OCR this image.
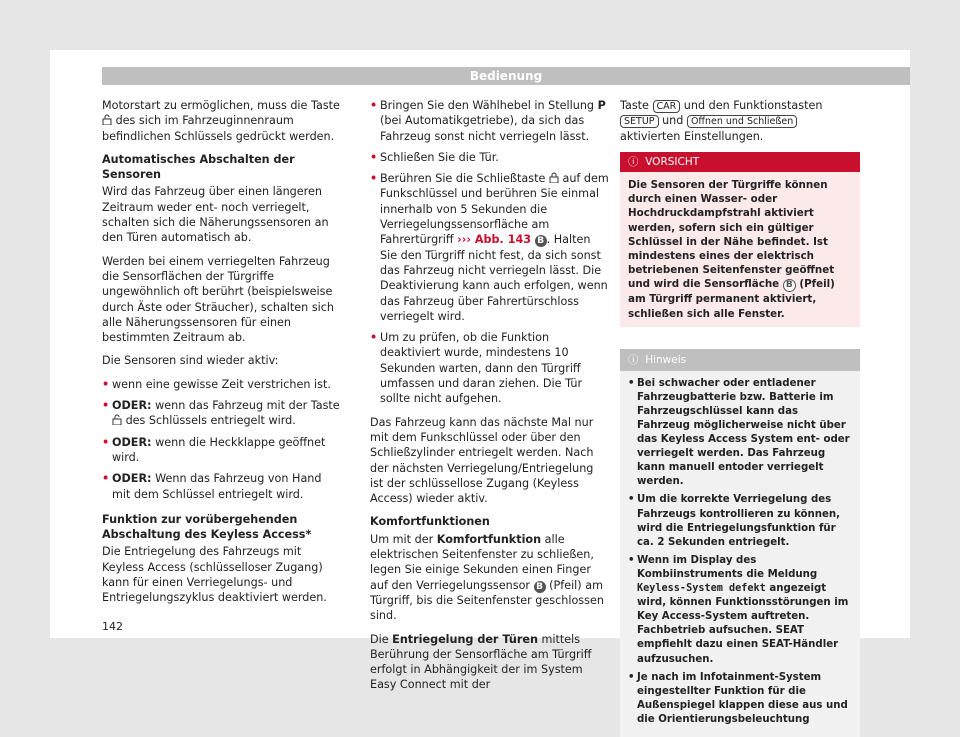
Bedienung

Motorstart zu ermöglichen, muss die Taste  des sich im Fahrzeuginnenraum befindlichen Schlüssels gedrückt werden.

Automatisches Abschalten der Sensoren

Wird das Fahrzeug über einen längeren Zeitraum weder ent- noch verriegelt, schalten sich die Näherungssensoren an den Türen automatisch ab.

Werden bei einem verriegelten Fahrzeug die Sensorflächen der Türgriffe ungewöhnlich oft berührt (beispielsweise durch Äste oder Sträucher), schalten sich alle Näherungssensoren für einen bestimmten Zeitraum ab.

Die Sensoren sind wieder aktiv:

• wenn eine gewisse Zeit verstrichen ist.
• ODER: wenn das Fahrzeug mit der Taste  des Schlüssels entriegelt wird.
• ODER: wenn die Heckklappe geöffnet wird.
• ODER: Wenn das Fahrzeug von Hand mit dem Schlüssel entriegelt wird.

Funktion zur vorübergehenden Abschaltung des Keyless Access*

Die Entriegelung des Fahrzeugs mit Keyless Access (schlüsselloser Zugang) kann für einen Verriegelungs- und Entriegelungszyklus deaktiviert werden.

• Bringen Sie den Wählhebel in Stellung P (bei Automatikgetriebe), da sich das Fahrzeug sonst nicht verriegeln lässt.
• Schließen Sie die Tür.
• Berühren Sie die Schließtaste auf dem Funkschlüssel und berühren Sie einmal innerhalb von 5 Sekunden die Verriegelungssensorfläche am Fahrertürgriff ››› Abb. 143 B . Halten Sie den Türgriff nicht fest, da sich sonst das Fahrzeug nicht verriegeln lässt. Die Deaktivierung kann auch erfolgen, wenn das Fahrzeug über Fahrertürschloss verriegelt wird.
• Um zu prüfen, ob die Funktion deaktiviert wurde, mindestens 10 Sekunden warten, dann den Türgriff umfassen und daran ziehen. Die Tür sollte nicht aufgehen.

Das Fahrzeug kann das nächste Mal nur mit dem Funkschlüssel oder über den Schließzylinder entriegelt werden. Nach der nächsten Verriegelung/Entriegelung ist der schlüssellose Zugang (Keyless Access) wieder aktiv.

Komfortfunktionen

Um mit der Komfortfunktion alle elektrischen Seitenfenster zu schließen, legen Sie einige Sekunden einen Finger auf den Verriegelungssensor B (Pfeil) am Türgriff, bis die Seitenfenster geschlossen sind.

Die Entriegelung der Türen mittels Berührung der Sensorfläche am Türgriff erfolgt in Abhängigkeit der im System Easy Connect mit der

Taste CAR und den Funktionstasten SETUP und Öffnen und Schließen aktivierten Einstellungen.

ⓘ VORSICHT
Die Sensoren der Türgriffe können durch einen Wasser- oder Hochdruckdampfstrahl aktiviert werden, sofern sich ein gültiger Schlüssel in der Nähe befindet. Ist mindestens eines der elektrisch betriebenen Seitenfenster geöffnet und wird die Sensorfläche B (Pfeil) am Türgriff permanent aktiviert, schließen sich alle Fenster.
ⓘ Hinweis
• Bei schwacher oder entladener Fahrzeugbatterie bzw. Batterie im Fahrzeugschlüssel kann das Fahrzeug möglicherweise nicht über das Keyless Access System ent- oder verriegelt werden. Das Fahrzeug kann manuell entoder verriegelt werden.
• Um die korrekte Verriegelung des Fahrzeugs kontrollieren zu können, wird die Entriegelungsfunktion für ca. 2 Sekunden entriegelt.
• Wenn im Display des Kombiinstruments die Meldung Keyless-System defekt angezeigt wird, können Funktionsstörungen im Key Access-System auftreten. Fachbetrieb aufsuchen. SEAT empfiehlt dazu einen SEAT-Händler aufzusuchen.
• Je nach im Infotainment-System eingestellter Funktion für die Außenspiegel klappen diese aus und die Orientierungsbeleuchtung
142
